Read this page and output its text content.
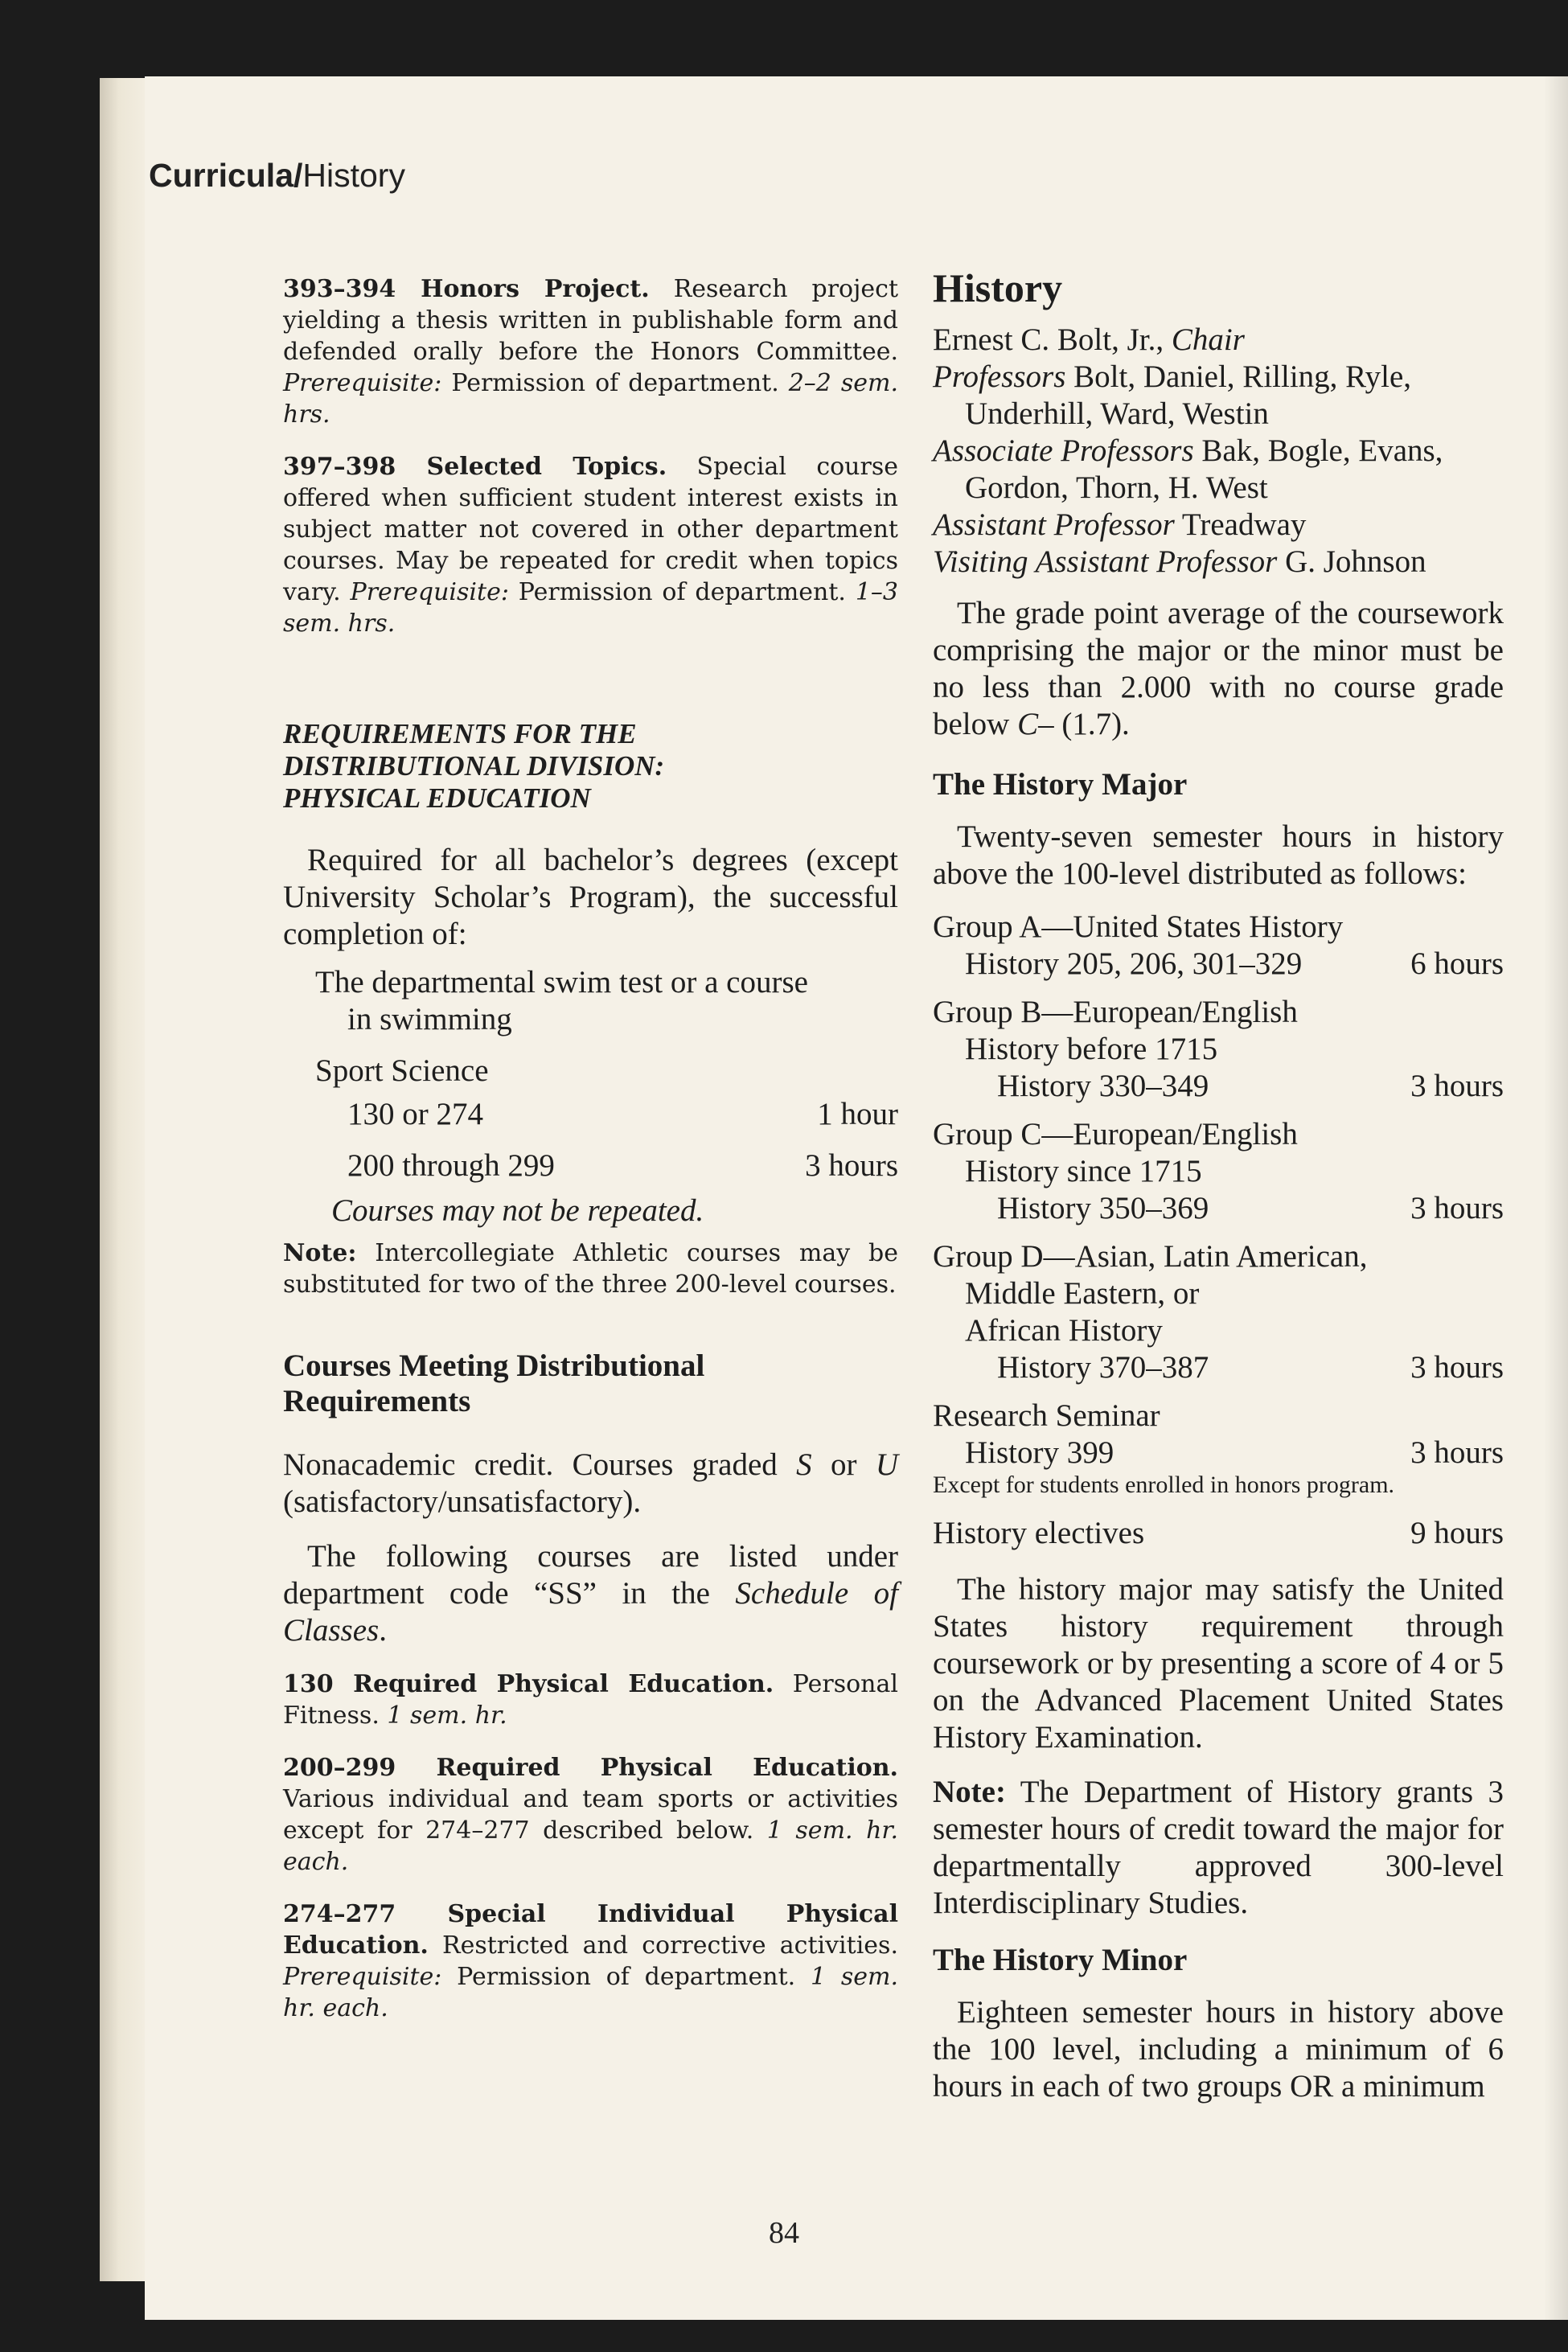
Curricula/History

393–394 Honors Project. Research project yielding a thesis written in publishable form and defended orally before the Honors Committee. Prerequisite: Permission of department. 2–2 sem. hrs.

397–398 Selected Topics. Special course offered when sufficient student interest exists in subject matter not covered in other department courses. May be repeated for credit when topics vary. Prerequisite: Permission of department. 1–3 sem. hrs.

REQUIREMENTS FOR THE
DISTRIBUTIONAL DIVISION:
PHYSICAL EDUCATION

Required for all bachelor’s degrees (except University Scholar’s Program), the successful completion of:

The departmental swim test or a course
in swimming
Sport Science
130 or 274	1 hour
200 through 299	3 hours
Courses may not be repeated.

Note: Intercollegiate Athletic courses may be substituted for two of the three 200-level courses.

Courses Meeting Distributional Requirements

Nonacademic credit. Courses graded S or U (satisfactory/unsatisfactory).

The following courses are listed under department code “SS” in the Schedule of Classes.

130 Required Physical Education. Personal Fitness. 1 sem. hr.

200–299 Required Physical Education. Various individual and team sports or activities except for 274–277 described below. 1 sem. hr. each.

274–277 Special Individual Physical Education. Restricted and corrective activities. Prerequisite: Permission of department. 1 sem. hr. each.

History
Ernest C. Bolt, Jr., Chair
Professors Bolt, Daniel, Rilling, Ryle,
Underhill, Ward, Westin
Associate Professors Bak, Bogle, Evans,
Gordon, Thorn, H. West
Assistant Professor Treadway
Visiting Assistant Professor G. Johnson

The grade point average of the coursework comprising the major or the minor must be no less than 2.000 with no course grade below C– (1.7).

The History Major

Twenty-seven semester hours in history above the 100-level distributed as follows:

Group A—United States History
History 205, 206, 301–329	6 hours
Group B—European/English
History before 1715
History 330–349	3 hours
Group C—European/English
History since 1715
History 350–369	3 hours
Group D—Asian, Latin American,
Middle Eastern, or
African History
History 370–387	3 hours
Research Seminar
History 399	3 hours
Except for students enrolled in honors program.
History electives	9 hours

The history major may satisfy the United States history requirement through coursework or by presenting a score of 4 or 5 on the Advanced Placement United States History Examination.

Note: The Department of History grants 3 semester hours of credit toward the major for departmentally approved 300-level Interdisciplinary Studies.

The History Minor

Eighteen semester hours in history above the 100 level, including a minimum of 6 hours in each of two groups OR a minimum

84
